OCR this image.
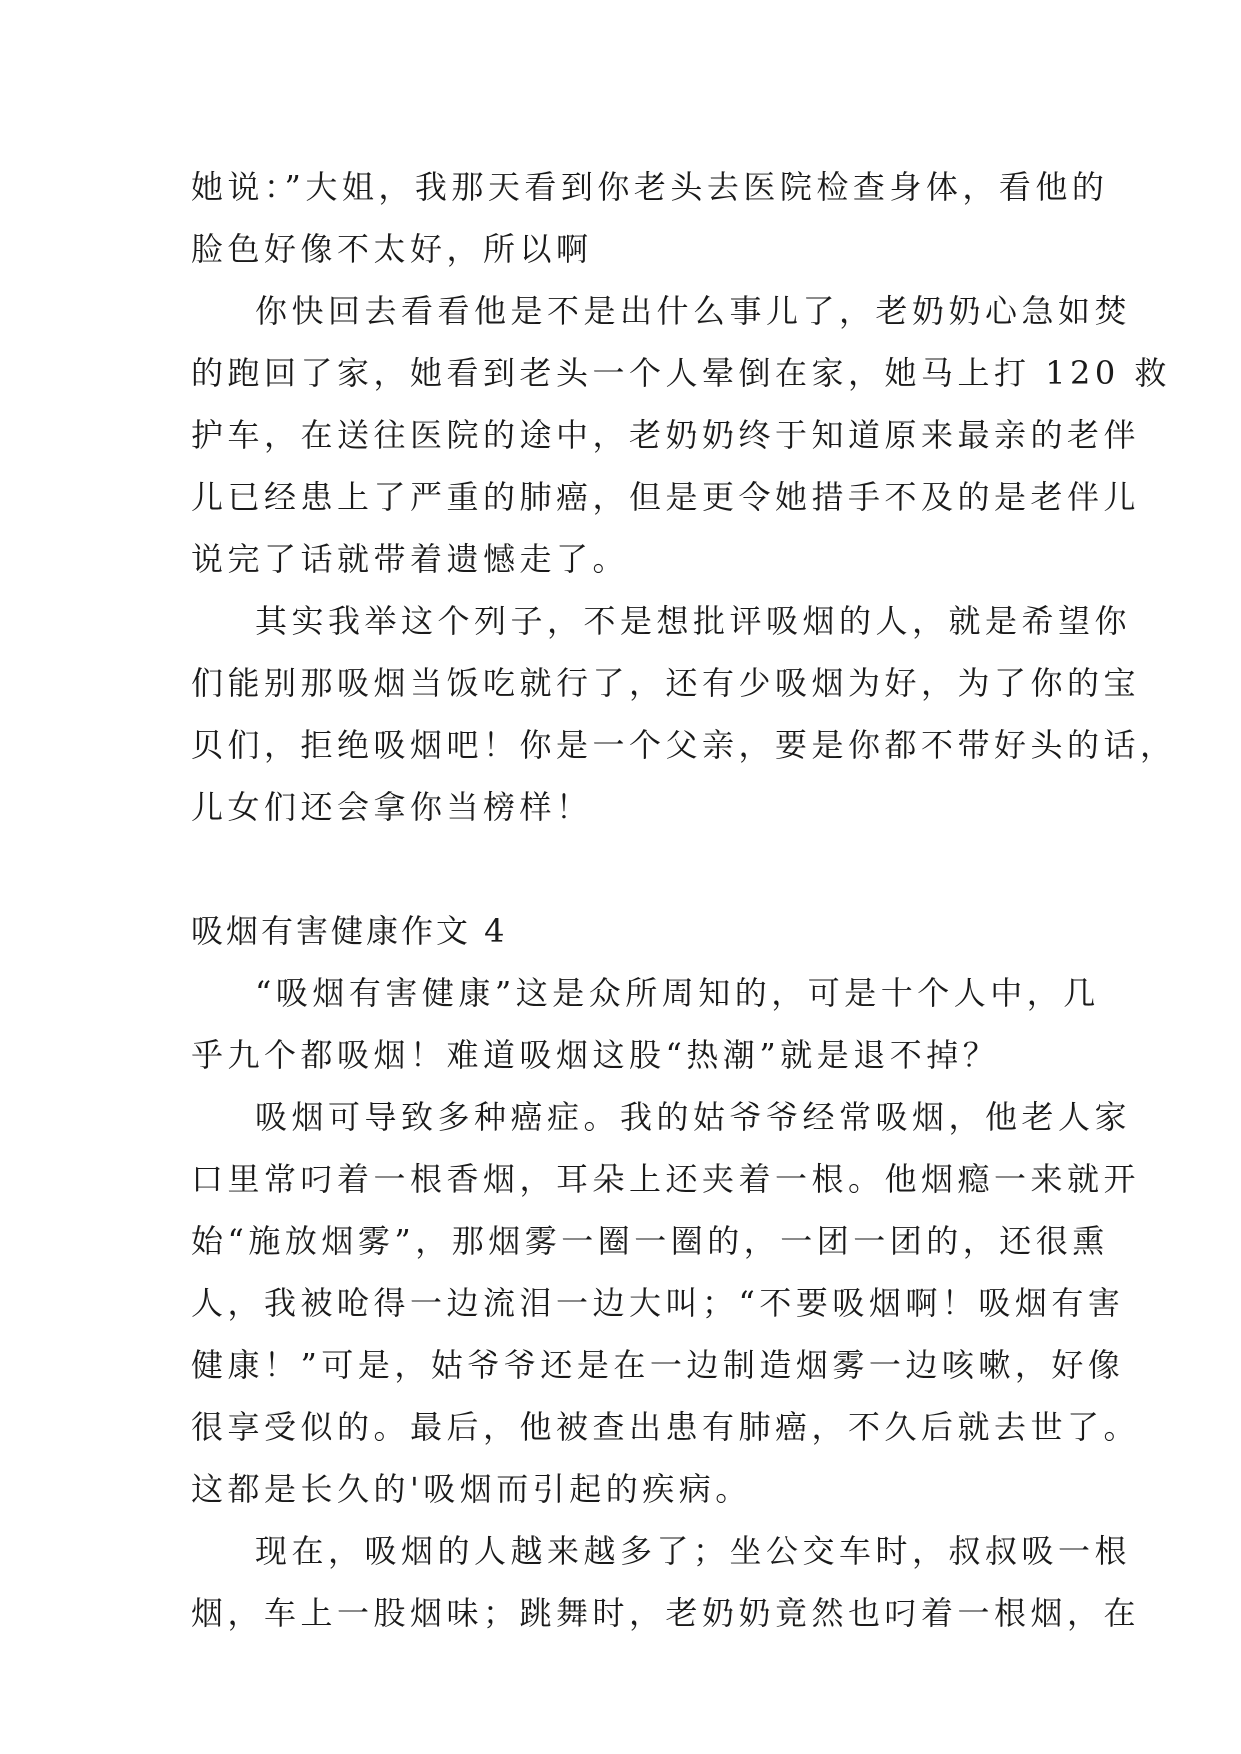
她说：”大姐，我那天看到你老头去医院检查身体，看他的
脸色好像不太好，所以啊

你快回去看看他是不是出什么事儿了，老奶奶心急如焚
的跑回了家，她看到老头一个人晕倒在家，她马上打 120 救
护车，在送往医院的途中，老奶奶终于知道原来最亲的老伴
儿已经患上了严重的肺癌，但是更令她措手不及的是老伴儿
说完了话就带着遗憾走了。

其实我举这个列子，不是想批评吸烟的人，就是希望你
们能别那吸烟当饭吃就行了，还有少吸烟为好，为了你的宝
贝们，拒绝吸烟吧！你是一个父亲，要是你都不带好头的话，
儿女们还会拿你当榜样！

吸烟有害健康作文 4

“吸烟有害健康”这是众所周知的，可是十个人中，几
乎九个都吸烟！难道吸烟这股“热潮”就是退不掉？

吸烟可导致多种癌症。我的姑爷爷经常吸烟，他老人家
口里常叼着一根香烟，耳朵上还夹着一根。他烟瘾一来就开
始“施放烟雾”，那烟雾一圈一圈的，一团一团的，还很熏
人，我被呛得一边流泪一边大叫；“不要吸烟啊！吸烟有害
健康！”可是，姑爷爷还是在一边制造烟雾一边咳嗽，好像
很享受似的。最后，他被查出患有肺癌，不久后就去世了。
这都是长久的'吸烟而引起的疾病。

现在，吸烟的人越来越多了；坐公交车时，叔叔吸一根
烟，车上一股烟味；跳舞时，老奶奶竟然也叼着一根烟，在
